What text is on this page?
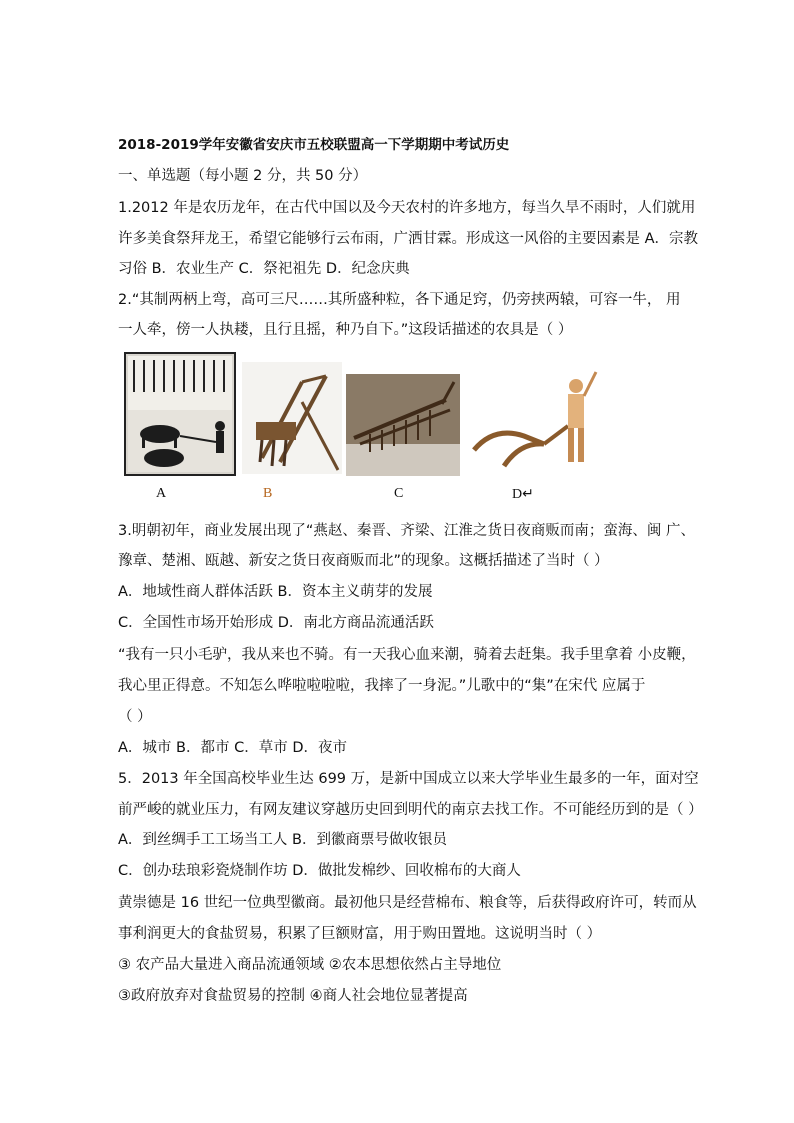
2018-2019学年安徽省安庆市五校联盟高一下学期期中考试历史
一、单选题（每小题 2 分，共 50 分）
1.2012 年是农历龙年，在古代中国以及今天农村的许多地方，每当久旱不雨时，人们就用
许多美食祭拜龙王，希望它能够行云布雨，广洒甘霖。形成这一风俗的主要因素是 A．宗教
习俗 B．农业生产 C．祭祀祖先 D．纪念庆典
2.“其制两柄上弯，高可三尺……其所盛种粒，各下通足窍，仍旁挟两辕，可容一牛， 用
一人牵，傍一人执耧，且行且摇，种乃自下。”这段话描述的农具是（ ）
A	B	C	D↵
3.明朝初年，商业发展出现了“燕赵、秦晋、齐梁、江淮之货日夜商贩而南；蛮海、闽 广、
豫章、楚湘、瓯越、新安之货日夜商贩而北”的现象。这概括描述了当时（ ）
A．地域性商人群体活跃 B．资本主义萌芽的发展
C．全国性市场开始形成 D．南北方商品流通活跃
“我有一只小毛驴，我从来也不骑。有一天我心血来潮，骑着去赶集。我手里拿着 小皮鞭，
我心里正得意。不知怎么哗啦啦啦啦，我摔了一身泥。”儿歌中的“集”在宋代 应属于
（ ）
A．城市 B．都市 C．草市 D．夜市
5．2013 年全国高校毕业生达 699 万，是新中国成立以来大学毕业生最多的一年，面对空
前严峻的就业压力，有网友建议穿越历史回到明代的南京去找工作。不可能经历到的是（ ）
A．到丝绸手工工场当工人 B．到徽商票号做收银员
C．创办珐琅彩瓷烧制作坊 D．做批发棉纱、回收棉布的大商人
黄崇德是 16 世纪一位典型徽商。最初他只是经营棉布、粮食等，后获得政府许可，转而从
事利润更大的食盐贸易，积累了巨额财富，用于购田置地。这说明当时（ ）
③ 农产品大量进入商品流通领域 ②农本思想依然占主导地位
③政府放弃对食盐贸易的控制 ④商人社会地位显著提高
